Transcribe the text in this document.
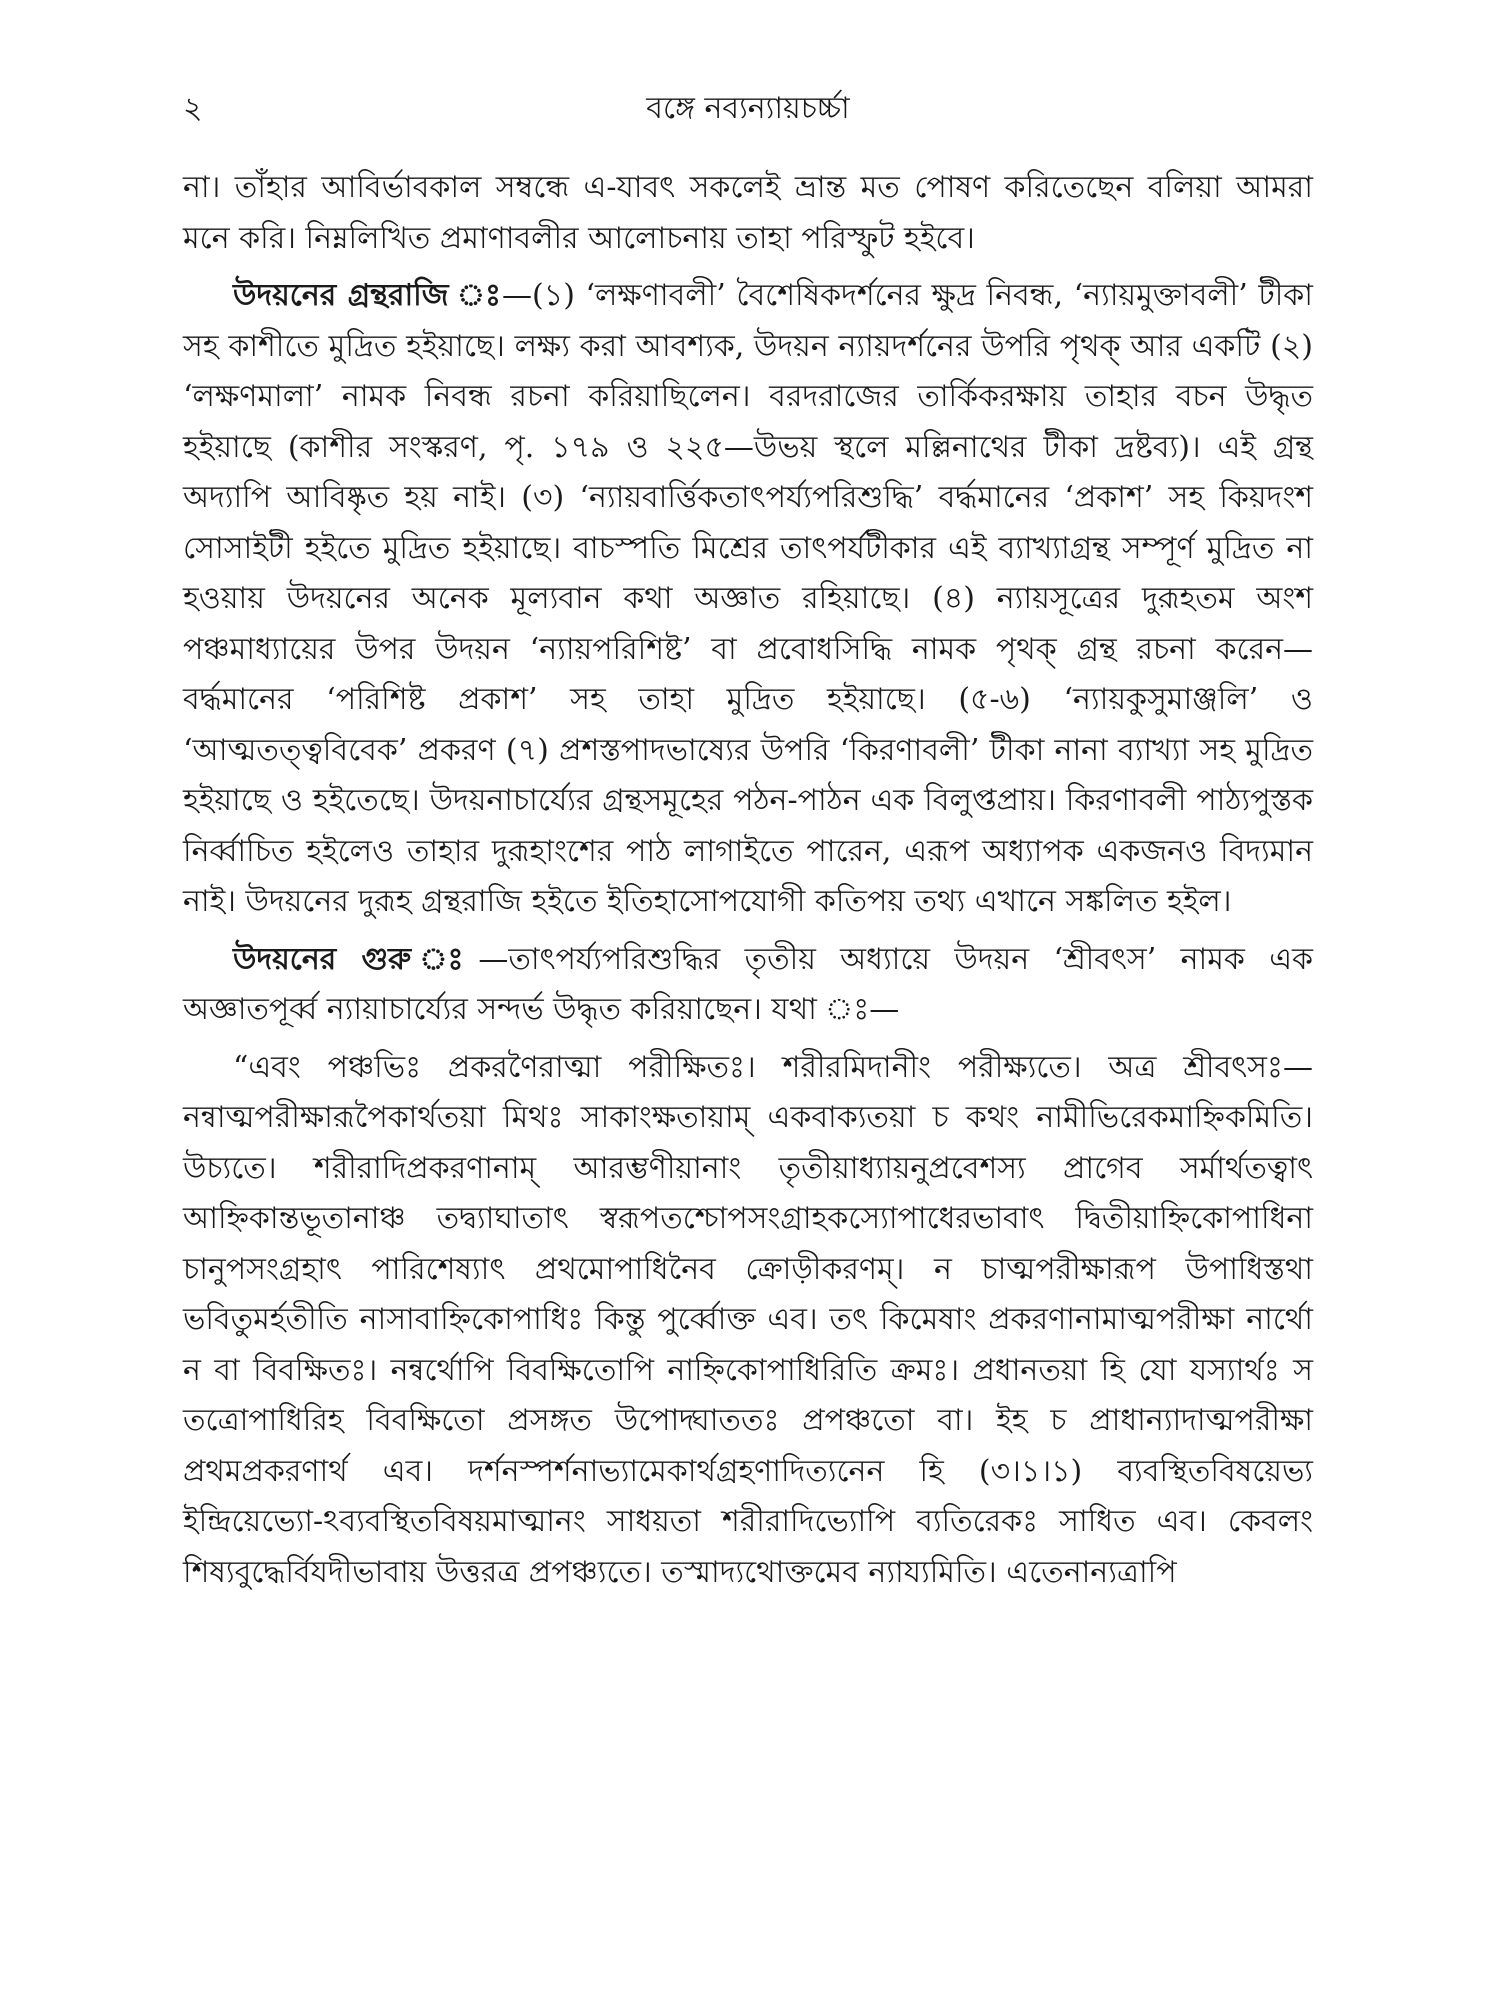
২	বঙ্গে নব্যন্যায়চর্চ্চা

না। তাঁহার আবির্ভাবকাল সম্বন্ধে এ-যাবৎ সকলেই ভ্রান্ত মত পোষণ করিতেছেন বলিয়া আমরা মনে করি। নিম্নলিখিত প্রমাণাবলীর আলোচনায় তাহা পরিস্ফুট হইবে।

উদয়নের গ্রন্থরাজি ঃ—(১) ‘লক্ষণাবলী’ বৈশেষিকদর্শনের ক্ষুদ্র নিবন্ধ, ‘ন্যায়মুক্তাবলী’ টীকা সহ কাশীতে মুদ্রিত হইয়াছে। লক্ষ্য করা আবশ্যক, উদয়ন ন্যায়দর্শনের উপরি পৃথক্ আর একটি (২) ‘লক্ষণমালা’ নামক নিবন্ধ রচনা করিয়াছিলেন। বরদরাজের তার্কিকরক্ষায় তাহার বচন উদ্ধৃত হইয়াছে (কাশীর সংস্করণ, পৃ. ১৭৯ ও ২২৫—উভয় স্থলে মল্লিনাথের টীকা দ্রষ্টব্য)। এই গ্রন্থ অদ্যাপি আবিষ্কৃত হয় নাই। (৩) ‘ন্যায়বার্ত্তিকতাৎপর্য্যপরিশুদ্ধি’ বর্দ্ধমানের ‘প্রকাশ’ সহ কিয়দংশ সোসাইটী হইতে মুদ্রিত হইয়াছে। বাচস্পতি মিশ্রের তাৎপর্যটীকার এই ব্যাখ্যাগ্রন্থ সম্পূর্ণ মুদ্রিত না হওয়ায় উদয়নের অনেক মূল্যবান কথা অজ্ঞাত রহিয়াছে। (৪) ন্যায়সূত্রের দুরূহতম অংশ পঞ্চমাধ্যায়ের উপর উদয়ন ‘ন্যায়পরিশিষ্ট’ বা প্রবোধসিদ্ধি নামক পৃথক্ গ্রন্থ রচনা করেন—বর্দ্ধমানের ‘পরিশিষ্ট প্রকাশ’ সহ তাহা মুদ্রিত হইয়াছে। (৫-৬) ‘ন্যায়কুসুমাঞ্জলি’ ও ‘আত্মতত্ত্ববিবেক’ প্রকরণ (৭) প্রশস্তপাদভাষ্যের উপরি ‘কিরণাবলী’ টীকা নানা ব্যাখ্যা সহ মুদ্রিত হইয়াছে ও হইতেছে। উদয়নাচার্য্যের গ্রন্থসমূহের পঠন-পাঠন এক বিলুপ্তপ্রায়। কিরণাবলী পাঠ্যপুস্তক নির্ব্বাচিত হইলেও তাহার দুরূহাংশের পাঠ লাগাইতে পারেন, এরূপ অধ্যাপক একজনও বিদ্যমান নাই। উদয়নের দুরূহ গ্রন্থরাজি হইতে ইতিহাসোপযোগী কতিপয় তথ্য এখানে সঙ্কলিত হইল।

উদয়নের গুরু ঃ—তাৎপর্য্যপরিশুদ্ধির তৃতীয় অধ্যায়ে উদয়ন ‘শ্রীবৎস’ নামক এক অজ্ঞাতপূর্ব্ব ন্যায়াচার্য্যের সন্দর্ভ উদ্ধৃত করিয়াছেন। যথা ঃ—

“এবং পঞ্চভিঃ প্রকরণৈরাত্মা পরীক্ষিতঃ। শরীরমিদানীং পরীক্ষ্যতে। অত্র শ্রীবৎসঃ—নন্বাত্মপরীক্ষারূপৈকার্থতয়া মিথঃ সাকাংক্ষতায়াম্ একবাক্যতয়া চ কথং নামীভিরেকমাহ্নিকমিতি। উচ্যতে। শরীরাদিপ্রকরণানাম্ আরম্ভণীয়ানাং তৃতীয়াধ্যায়নুপ্রবেশস্য প্রাগেব সর্মার্থতত্বাৎ আহ্নিকান্তভূতানাঞ্চ তদ্ব্যাঘাতাৎ স্বরূপতশ্চোপসংগ্রাহকস্যোপাধেরভাবাৎ দ্বিতীয়াহ্নিকোপাধিনা চানুপসংগ্রহাৎ পারিশেষ্যাৎ প্রথমোপাধিনৈব ক্রোড়ীকরণম্। ন চাত্মপরীক্ষারূপ উপাধিস্তথা ভবিতুমর্হতীতি নাসাবাহ্নিকোপাধিঃ কিন্তু পুর্ব্বোক্ত এব। তৎ কিমেষাং প্রকরণানামাত্মপরীক্ষা নার্থো ন বা বিবক্ষিতঃ। নন্বর্থোপি বিবক্ষিতোপি নাহ্নিকোপাধিরিতি ক্রমঃ। প্রধানতয়া হি যো যস্যার্থঃ স তত্রোপাধিরিহ বিবক্ষিতো প্রসঙ্গত উপোদ্ঘাততঃ প্রপঞ্চতো বা। ইহ চ প্রাধান্যাদাত্মপরীক্ষা প্রথমপ্রকরণার্থ এব। দর্শনস্পর্শনাভ্যামেকার্থগ্রহণাদিত্যনেন হি (৩।১।১) ব্যবস্থিতবিষয়েভ্য ইন্দ্রিয়েভ্যো-ঽব্যবস্থিতবিষয়মাত্মানং সাধয়তা শরীরাদিভ্যোপি ব্যতিরেকঃ সাধিত এব। কেবলং শিষ্যবুদ্ধের্বিযদীভাবায় উত্তরত্র প্রপঞ্চ্যতে। তস্মাদ্যথোক্তমেব ন্যায্যমিতি। এতেনান্যত্রাপি
